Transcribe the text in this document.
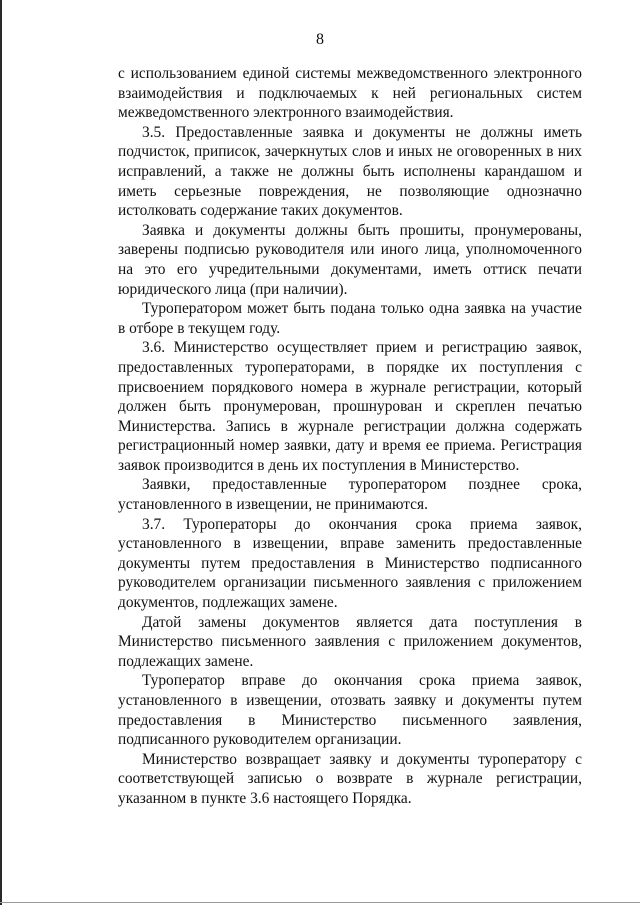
8

с использованием единой системы межведомственного электронного взаимодействия и подключаемых к ней региональных систем межведомственного электронного взаимодействия.

3.5. Предоставленные заявка и документы не должны иметь подчисток, приписок, зачеркнутых слов и иных не оговоренных в них исправлений, а также не должны быть исполнены карандашом и иметь серьезные повреждения, не позволяющие однозначно истолковать содержание таких документов.

Заявка и документы должны быть прошиты, пронумерованы, заверены подписью руководителя или иного лица, уполномоченного на это его учредительными документами, иметь оттиск печати юридического лица (при наличии).

Туроператором может быть подана только одна заявка на участие в отборе в текущем году.

3.6. Министерство осуществляет прием и регистрацию заявок, предоставленных туроператорами, в порядке их поступления с присвоением порядкового номера в журнале регистрации, который должен быть пронумерован, прошнурован и скреплен печатью Министерства. Запись в журнале регистрации должна содержать регистрационный номер заявки, дату и время ее приема. Регистрация заявок производится в день их поступления в Министерство.

Заявки, предоставленные туроператором позднее срока, установленного в извещении, не принимаются.

3.7. Туроператоры до окончания срока приема заявок, установленного в извещении, вправе заменить предоставленные документы путем предоставления в Министерство подписанного руководителем организации письменного заявления с приложением документов, подлежащих замене.

Датой замены документов является дата поступления в Министерство письменного заявления с приложением документов, подлежащих замене.

Туроператор вправе до окончания срока приема заявок, установленного в извещении, отозвать заявку и документы путем предоставления в Министерство письменного заявления, подписанного руководителем организации.

Министерство возвращает заявку и документы туроператору с соответствующей записью о возврате в журнале регистрации, указанном в пункте 3.6 настоящего Порядка.
